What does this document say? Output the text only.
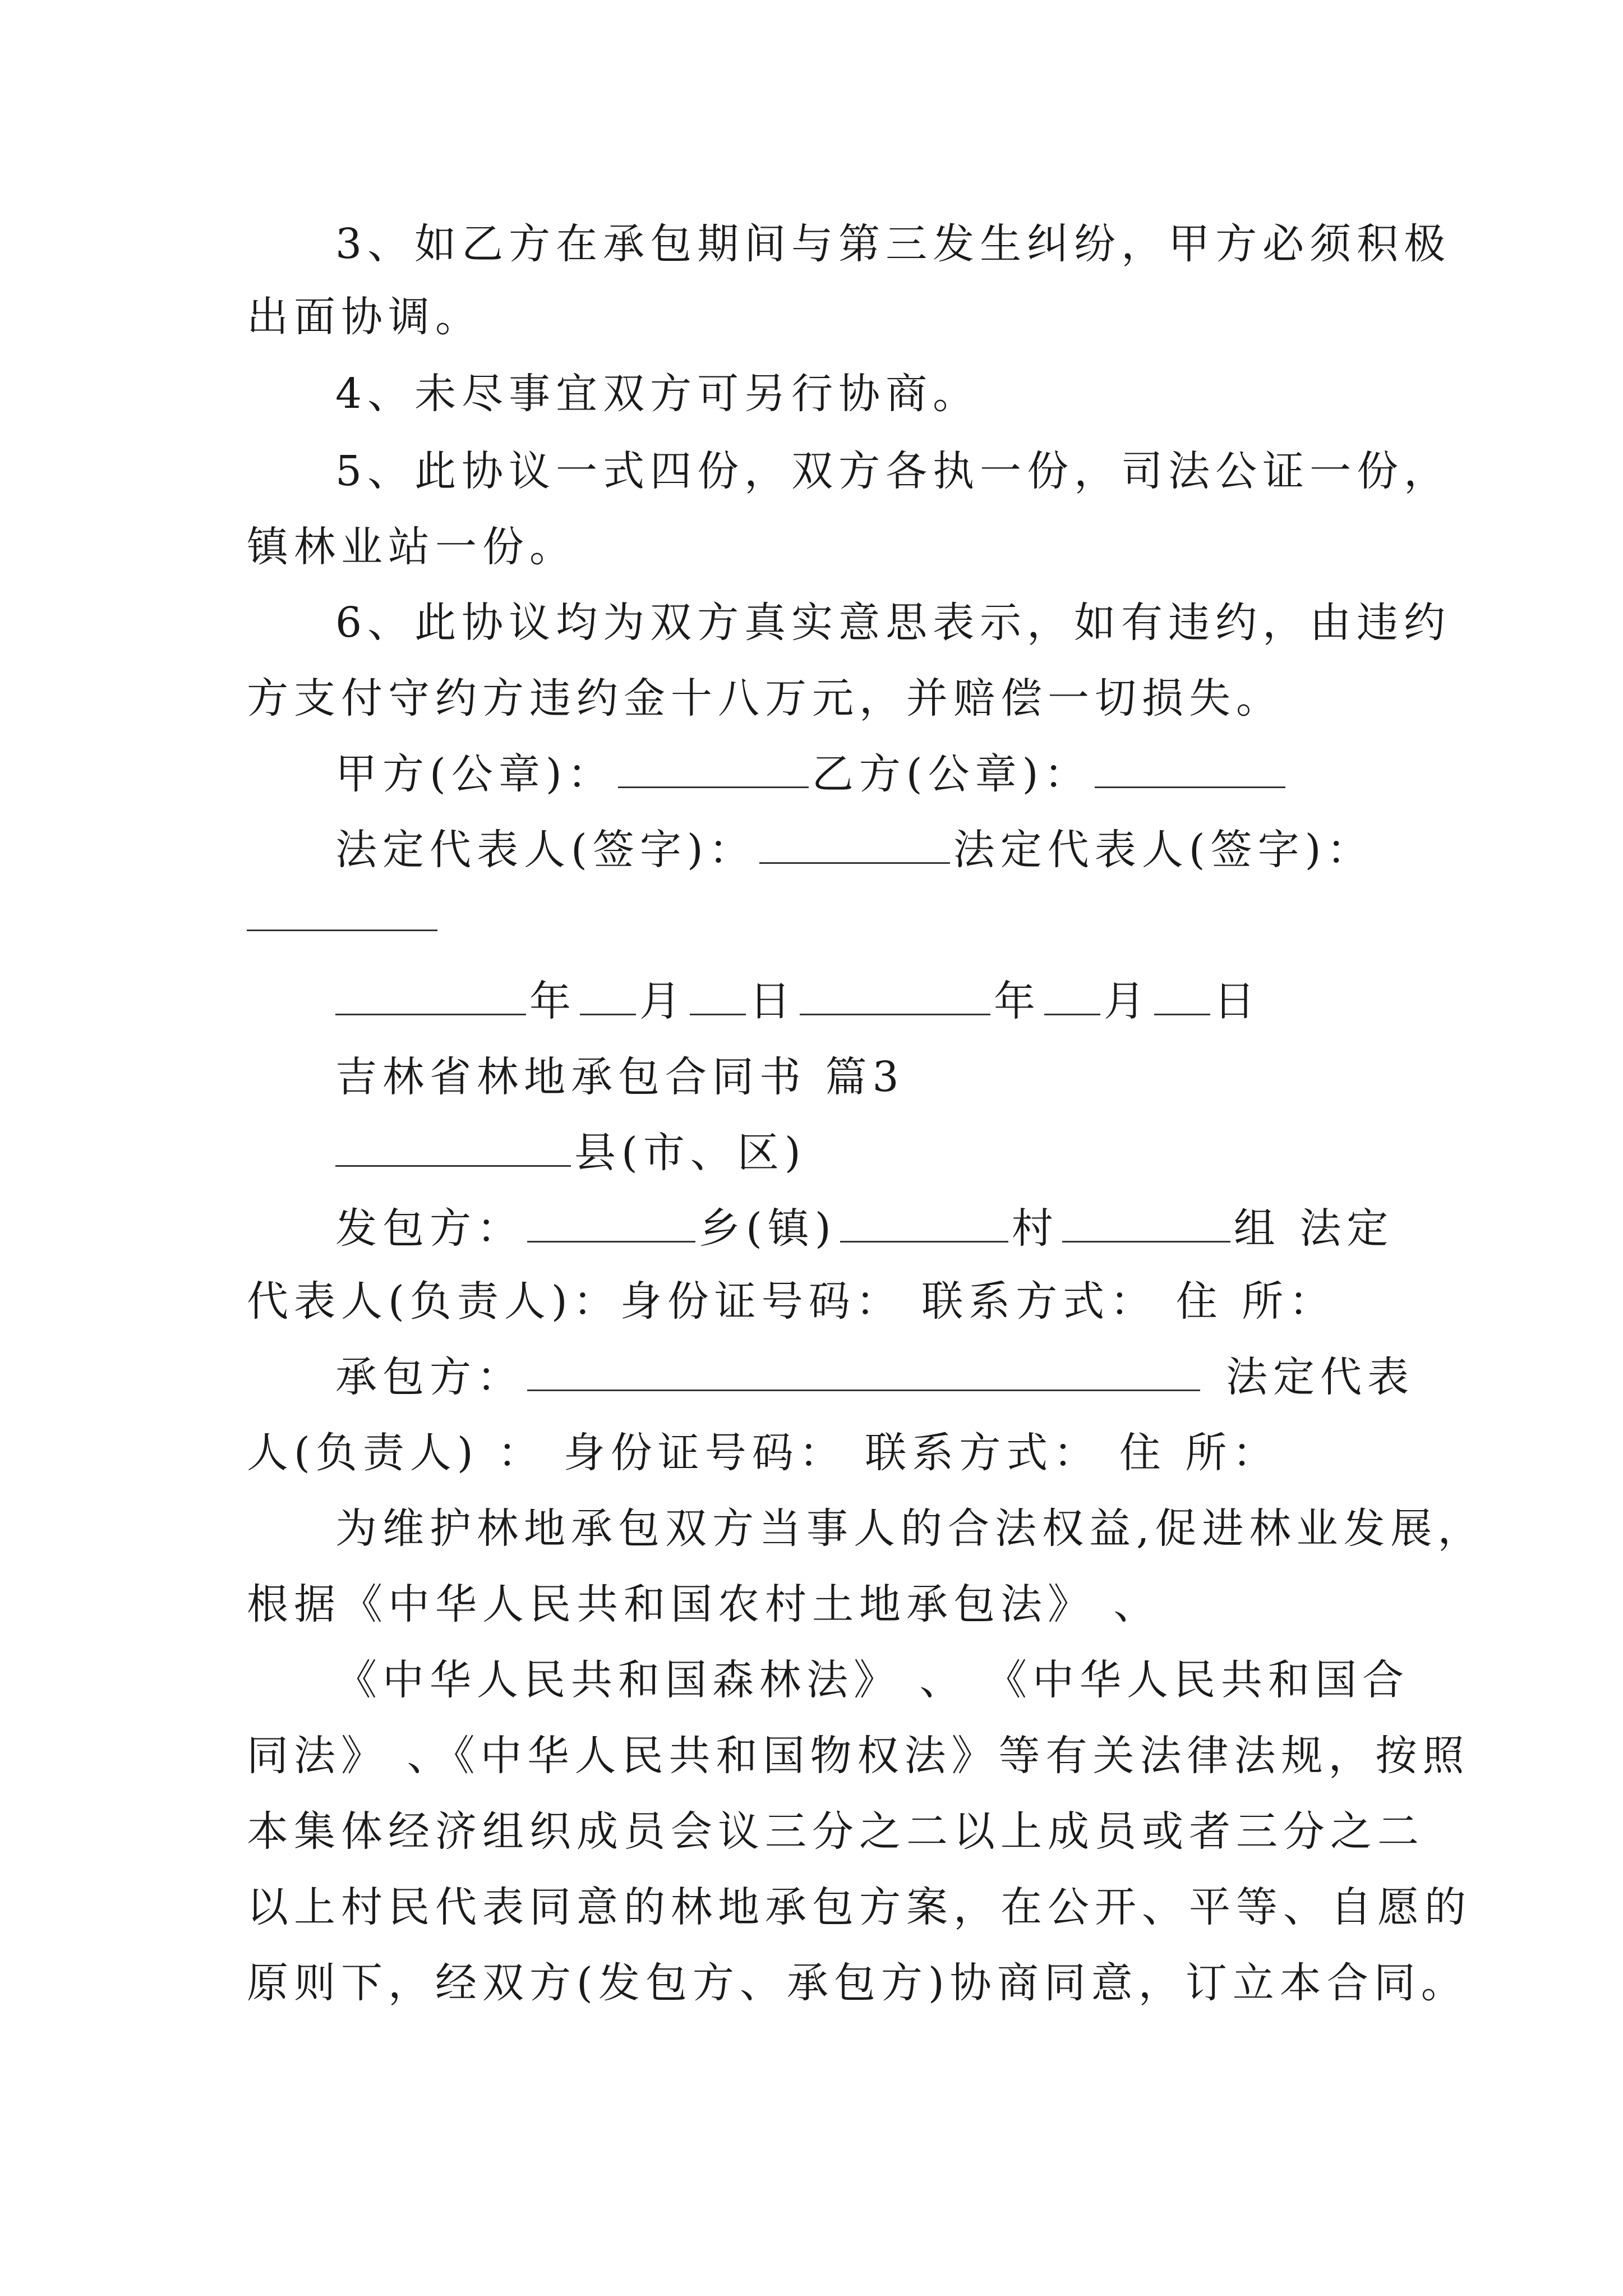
3、如乙方在承包期间与第三发生纠纷，甲方必须积极
出面协调。
4、未尽事宜双方可另行协商。
5、此协议一式四份，双方各执一份，司法公证一份，
镇林业站一份。
6、此协议均为双方真实意思表示，如有违约，由违约
方支付守约方违约金十八万元，并赔偿一切损失。
甲方(公章)：	乙方(公章)：
法定代表人(签字)：	法定代表人(签字)：
年 月 日	年 月 日
吉林省林地承包合同书 篇3
县(市、区)
发包方：	乡(镇)	村	组 法定
代表人(负责人)：身份证号码： 联系方式： 住 所：
承包方：	法定代表
人(负责人) ： 身份证号码： 联系方式： 住 所：
为维护林地承包双方当事人的合法权益,促进林业发展，
根据《中华人民共和国农村土地承包法》 、
《中华人民共和国森林法》 、 《中华人民共和国合
同法》 、《中华人民共和国物权法》等有关法律法规，按照
本集体经济组织成员会议三分之二以上成员或者三分之二
以上村民代表同意的林地承包方案，在公开、平等、自愿的
原则下，经双方(发包方、承包方)协商同意，订立本合同。
